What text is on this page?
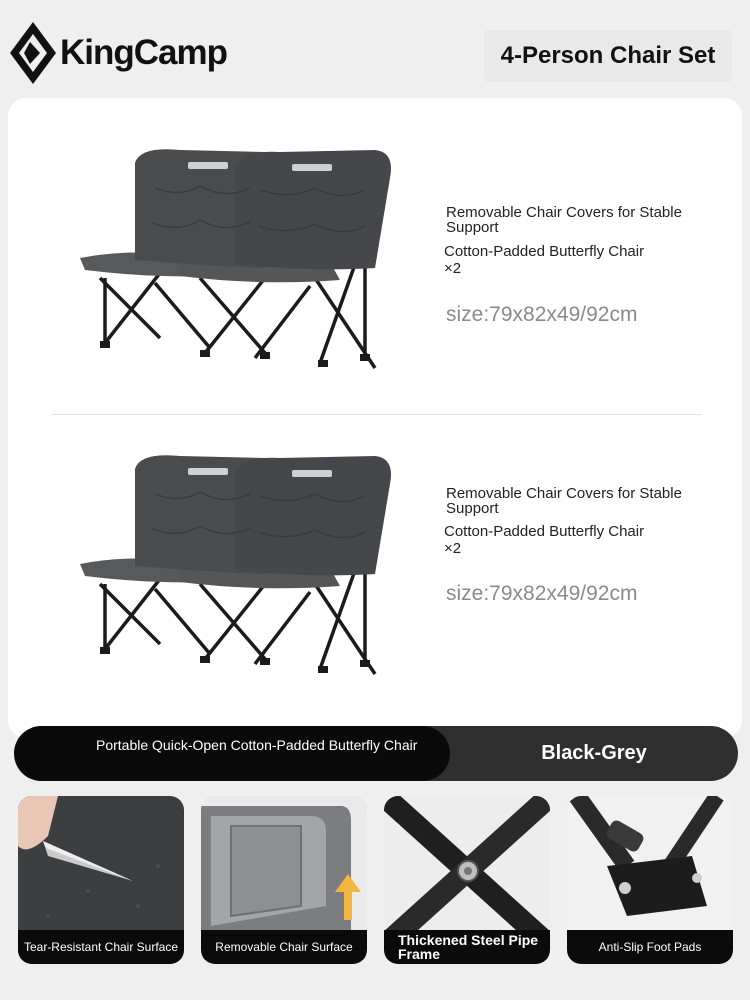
KingCamp	4-Person Chair Set
Removable Chair Covers for Stable Support
Cotton-Padded Butterfly Chair ×2
size:79x82x49/92cm
Removable Chair Covers for Stable Support
Cotton-Padded Butterfly Chair ×2
size:79x82x49/92cm
Portable Quick-Open Cotton-Padded Butterfly Chair	Black-Grey
Tear-Resistant Chair Surface	Removable Chair Surface	Thickened Steel Pipe Frame	Anti-Slip Foot Pads
